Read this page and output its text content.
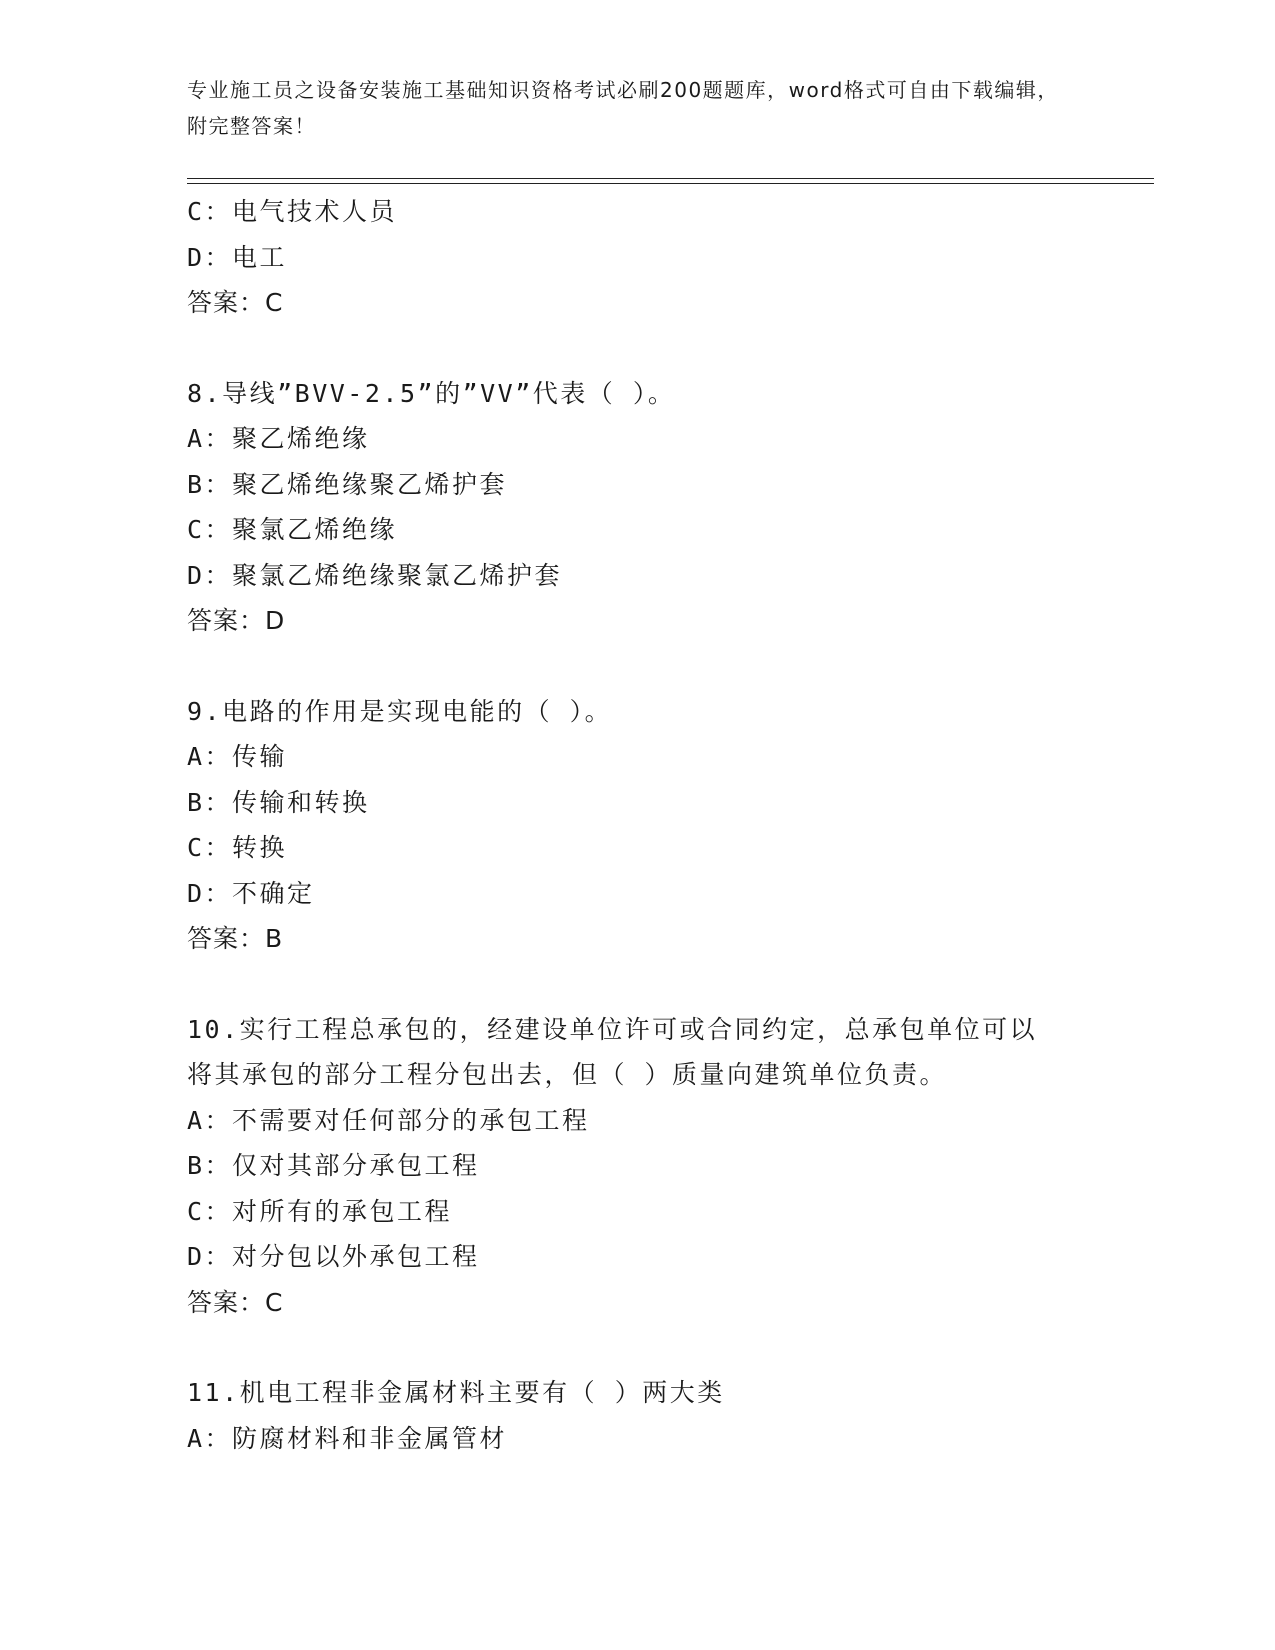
专业施工员之设备安装施工基础知识资格考试必刷200题题库，word格式可自由下载编辑，附完整答案！
C：电气技术人员
D：电工
答案：C
8.导线”BVV-2.5”的”VV”代表（ ）。
A：聚乙烯绝缘
B：聚乙烯绝缘聚乙烯护套
C：聚氯乙烯绝缘
D：聚氯乙烯绝缘聚氯乙烯护套
答案：D
9.电路的作用是实现电能的（ ）。
A：传输
B：传输和转换
C：转换
D：不确定
答案：B
10.实行工程总承包的，经建设单位许可或合同约定，总承包单位可以
将其承包的部分工程分包出去，但（ ）质量向建筑单位负责。
A：不需要对任何部分的承包工程
B：仅对其部分承包工程
C：对所有的承包工程
D：对分包以外承包工程
答案：C
11.机电工程非金属材料主要有（ ）两大类
A：防腐材料和非金属管材
